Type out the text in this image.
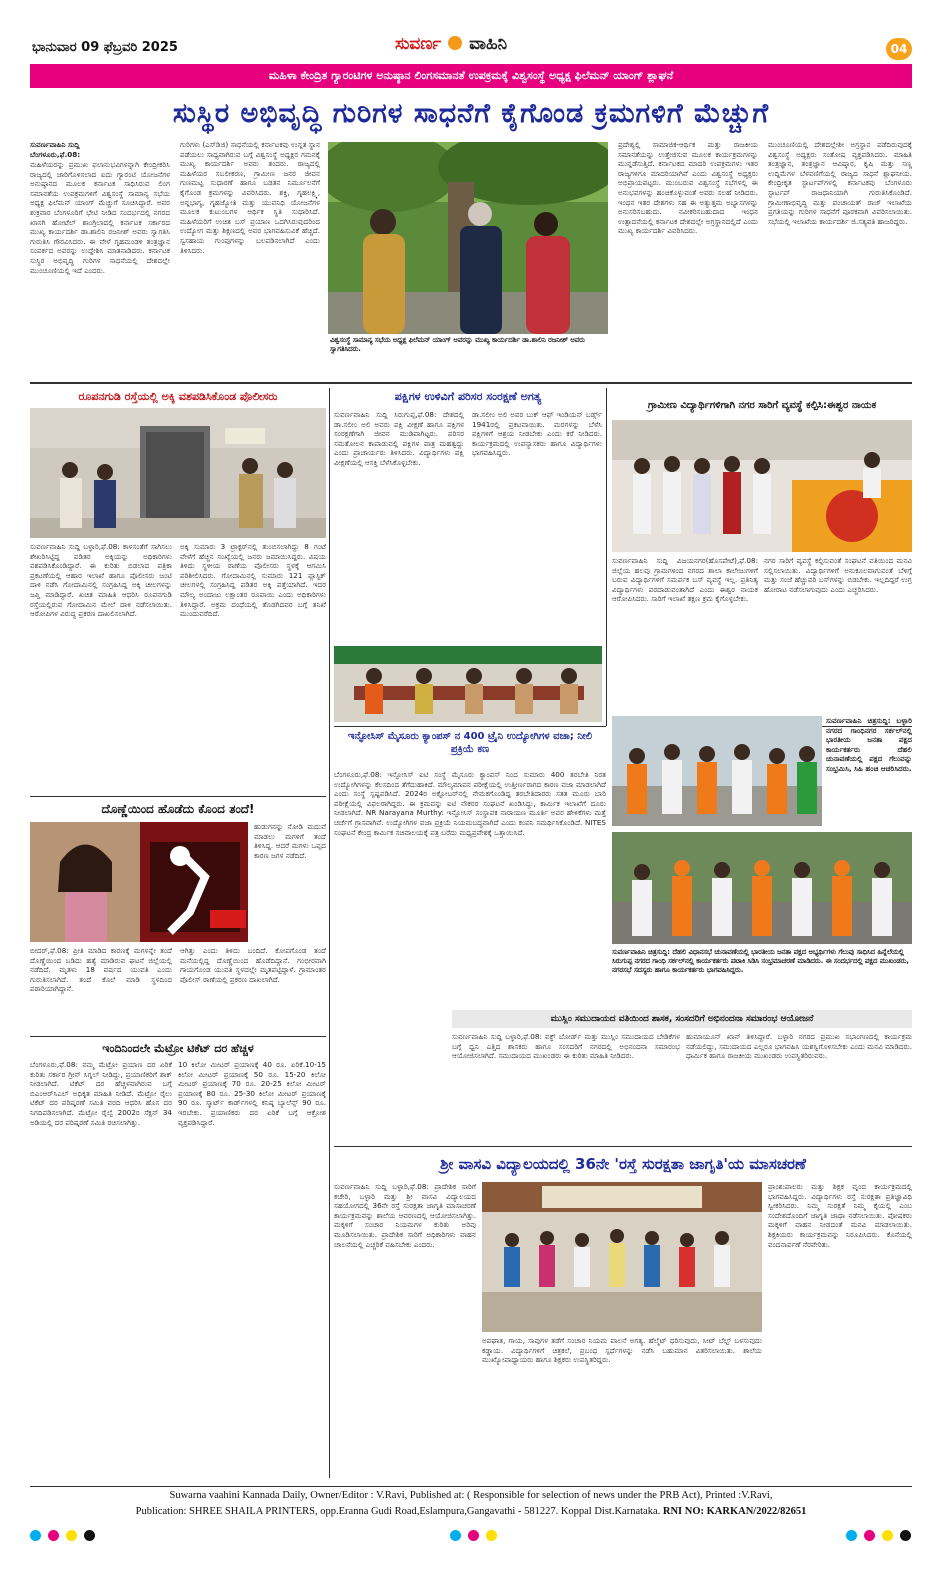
ಭಾನುವಾರ 09 ಫೆಬ್ರವರಿ 2025	ಸುವರ್ಣ ವಾಹಿನಿ	04
ಮಹಿಳಾ ಕೇಂದ್ರಿತ ಗ್ಯಾರಂಟಿಗಳ ಅನುಷ್ಠಾನ ಲಿಂಗಸಮಾನತೆ ಉಪಕ್ರಮಕ್ಕೆ ವಿಶ್ವಸಂಸ್ಥೆ ಅಧ್ಯಕ್ಷ ಫಿಲೆಮನ್ ಯಾಂಗ್ ಶ್ಲಾಘನೆ
ಸುಸ್ಥಿರ ಅಭಿವೃದ್ಧಿ ಗುರಿಗಳ ಸಾಧನೆಗೆ ಕೈಗೊಂಡ ಕ್ರಮಗಳಿಗೆ ಮೆಚ್ಚುಗೆ
ಸುವರ್ಣವಾಹಿನಿ ಸುದ್ದಿ
ಬೆಂಗಳೂರು,ಫೆ.08:
ಮಹಿಳೆಯರನ್ನು ಪ್ರಮುಖ ಫಲಾನುಭವಿಗಳನ್ನಾಗಿ ಕೇಂದ್ರೀಕರಿಸಿ ರಾಜ್ಯದಲ್ಲಿ ಜಾರಿಗೊಳಿಸಲಾದ ಐದು ಗ್ಯಾರಂಟಿ ಯೋಜನೆಗಳ ಅನುಷ್ಠಾನದ ಮೂಲಕ ಕರ್ನಾಟಕ ಸಾಧಿಸಿರುವ ಲಿಂಗ ಸಮಾನತೆಯ ಉಪಕ್ರಮಗಳಿಗೆ ವಿಶ್ವಸಂಸ್ಥೆ ಸಾಮಾನ್ಯ ಸಭೆಯ ಅಧ್ಯಕ್ಷ ಫಿಲೆಮನ್ ಯಾಂಗ್ ಮೆಚ್ಚುಗೆ ಸೂಚಿಸಿದ್ದಾರೆ. ಅವರ ಶುಕ್ರವಾರ ಬೆಂಗಳೂರಿಗೆ ಭೇಟಿ ನೀಡಿದ ಸಂದರ್ಭದಲ್ಲಿ ನಗರದ ಖಾಸಗಿ ಹೋಟೆಲ್ ಶಾಂಗ್ರಿಲಾದಲ್ಲಿ ಕರ್ನಾಟಕ ಸರ್ಕಾರದ ಮುಖ್ಯ ಕಾರ್ಯದರ್ಶಿ ಡಾ.ಶಾಲಿನಿ ರಜನೀಶ್ ಅವರು ಸ್ವಾಗತಿಸಿ ಗುರುತಿಸಿ ಗೌರವಿಸಿದರು. ಈ ವೇಳೆ ಗೃಹಮಂಡಳಿ ತಂತ್ರಜ್ಞಾನ ಸಂಪರ್ಕದ ಅವರನ್ನು ಉದ್ದೇಶಿಸಿ ಮಾತನಾಡಿದರು. ಕರ್ನಾಟಕ ಸುಸ್ಥಿರ ಅಭಿವೃದ್ಧಿ ಗುರಿಗಳ ಸಾಧನೆಯಲ್ಲಿ ದೇಶದಲ್ಲೇ ಮುಂಚೂಣಿಯಲ್ಲಿ ಇದೆ ಎಂದರು.
ಗುರಿಗಳು (ಎಸ್‌ಡಿಜಿ) ಸಾಧನೆಯಲ್ಲಿ ಕರ್ನಾಟಕವು ಉನ್ನತ ಸ್ಥಾನ ಪಡೆಯಲು ಸಾಧ್ಯವಾಗಿರುವ ಬಗ್ಗೆ ವಿಶ್ವಸಂಸ್ಥೆ ಅಧ್ಯಕ್ಷರ ಗಮನಕ್ಕೆ ಮುಖ್ಯ ಕಾರ್ಯದರ್ಶಿ ಅವರು ತಂದರು. ರಾಜ್ಯದಲ್ಲಿ ಮಹಿಳೆಯರ ಸಬಲೀಕರಣ, ಗ್ರಾಮೀಣ ಜನರ ಜೀವನ ಗುಣಮಟ್ಟ ಸುಧಾರಣೆ ಹಾಗೂ ಬಡತನ ನಿರ್ಮೂಲನೆಗೆ ಕೈಗೊಂಡ ಕ್ರಮಗಳನ್ನು ವಿವರಿಸಿದರು. ಶಕ್ತಿ, ಗೃಹಲಕ್ಷ್ಮಿ, ಅನ್ನಭಾಗ್ಯ, ಗೃಹಜ್ಯೋತಿ ಮತ್ತು ಯುವನಿಧಿ ಯೋಜನೆಗಳ ಮೂಲಕ ಕುಟುಂಬಗಳ ಆರ್ಥಿಕ ಸ್ಥಿತಿ ಸುಧಾರಿಸಿದೆ. ಮಹಿಳೆಯರಿಗೆ ಉಚಿತ ಬಸ್ ಪ್ರಯಾಣ ಒದಗಿಸಿರುವುದರಿಂದ ಉದ್ಯೋಗ ಮತ್ತು ಶಿಕ್ಷಣದಲ್ಲಿ ಅವರ ಭಾಗವಹಿಸುವಿಕೆ ಹೆಚ್ಚಿದೆ. ಸ್ವಸಹಾಯ ಗುಂಪುಗಳನ್ನು ಬಲಪಡಿಸಲಾಗಿದೆ ಎಂದು ತಿಳಿಸಿದರು.
ವಿಶ್ವಸಂಸ್ಥೆ ಸಾಮಾನ್ಯ ಸಭೆಯ ಅಧ್ಯಕ್ಷ ಫಿಲೆಮನ್ ಯಾಂಗ್ ಅವರನ್ನು ಮುಖ್ಯ ಕಾರ್ಯದರ್ಶಿ ಡಾ.ಶಾಲಿನಿ ರಜನೀಶ್ ಅವರು ಸ್ವಾಗತಿಸಿದರು.
ಪ್ರದೇಶ್ಯಲ್ಲಿ ಸಾಮಾಜಿಕ-ಆರ್ಥಿಕ ಮತ್ತು ರಾಜಕೀಯ ಸಮಾನತೆಯನ್ನು ಉತ್ತೇಜಿಸುವ ಮೂಲಕ ಕಾರ್ಯಕ್ರಮಗಳನ್ನು ಮುನ್ನಡೆಸುತ್ತಿದೆ. ಕರ್ನಾಟಕದ ಮಾದರಿ ಉಪಕ್ರಮಗಳು ಇತರ ರಾಜ್ಯಗಳಿಗೂ ಮಾದರಿಯಾಗಿವೆ ಎಂದು ವಿಶ್ವಸಂಸ್ಥೆ ಅಧ್ಯಕ್ಷರು ಅಭಿಪ್ರಾಯಪಟ್ಟರು. ಮುಂಬರುವ ವಿಶ್ವಸಂಸ್ಥೆ ಸಭೆಗಳಲ್ಲಿ ಈ ಅನುಭವಗಳನ್ನು ಹಂಚಿಕೊಳ್ಳುವಂತೆ ಅವರು ಸಲಹೆ ನೀಡಿದರು. ಇಂಧನ ಇತರ ದೇಶಗಳು ಸಹ ಈ ಅತ್ಯುತ್ತಮ ಅಭ್ಯಾಸಗಳನ್ನು ಅನುಸರಿಸಬಹುದು. ನವೀಕರಿಸಬಹುದಾದ ಇಂಧನ ಉತ್ಪಾದನೆಯಲ್ಲಿ ಕರ್ನಾಟಕ ದೇಶದಲ್ಲೇ ಅಗ್ರಸ್ಥಾನದಲ್ಲಿದೆ ಎಂದು ಮುಖ್ಯ ಕಾರ್ಯದರ್ಶಿ ವಿವರಿಸಿದರು.
ಮುಂಚೂಣಿಯಲ್ಲಿ ದೇಶದಲ್ಲೇಶೀ ಅಗ್ರಸ್ಥಾನ ಪಡೆದಿರುವುದಕ್ಕೆ ವಿಶ್ವಸಂಸ್ಥೆ ಅಧ್ಯಕ್ಷರು ಸಂತೋಷ ವ್ಯಕ್ತಪಡಿಸಿದರು. ಮಾಹಿತಿ ತಂತ್ರಜ್ಞಾನ, ತಂತ್ರಜ್ಞಾನ ಆವಿಷ್ಕಾರ, ಕೃಷಿ ಮತ್ತು ಸಣ್ಣ ಉದ್ದಿಮೆಗಳ ಬೆಳವಣಿಗೆಯಲ್ಲಿ ರಾಜ್ಯದ ಸಾಧನೆ ಶ್ಲಾಘನೀಯ. ಕೇಂದ್ರೀಕೃತ ಸ್ಟಾರ್ಟಪ್‌ಗಳಲ್ಲಿ ಕರ್ನಾಟಕವು ಬೆಂಗಳೂರು ಸ್ಟಾರ್ಟಪ್ ರಾಜಧಾನಿಯಾಗಿ ಗುರುತಿಸಿಕೊಂಡಿದೆ. ಗ್ರಾಮೀಣಾಭಿವೃದ್ಧಿ ಮತ್ತು ಪಂಚಾಯತ್ ರಾಜ್ ಇಲಾಖೆಯ ಪ್ರಗತಿಯನ್ನು ಗುರಿಗಳ ಸಾಧನೆಗೆ ಪೂರಕವಾಗಿ ವಿವರಿಸಲಾಯಿತು. ಸಭೆಯಲ್ಲಿ ಇಲಾಖೆಯ ಕಾರ್ಯದರ್ಶಿ ಜಿ.ಸತ್ಯವತಿ ಹಾಜರಿದ್ದರು.
ರೂಪನಗುಡಿ ರಸ್ತೆಯಲ್ಲಿ ಅಕ್ಕಿ ವಶಪಡಿಸಿಕೊಂಡ ಪೊಲೀಸರು
ಸುವರ್ಣವಾಹಿನಿ ಸುದ್ದಿ ಬಳ್ಳಾರಿ,ಫೆ.08: ಕಾಳಸಂತೆಗೆ ಸಾಗಿಸಲು ಶೇಖರಿಸಿಟ್ಟಿದ್ದ ಪಡಿತರ ಅಕ್ಕಿಯನ್ನು ಅಧಿಕಾರಿಗಳು ವಶಪಡಿಸಿಕೊಂಡಿದ್ದಾರೆ. ಈ ಕುರಿತು ಬಿಡಲಾದ ಪತ್ರಿಕಾ ಪ್ರಕಟಣೆಯಲ್ಲಿ ಆಹಾರ ಇಲಾಖೆ ಹಾಗೂ ಪೊಲೀಸರು ಜಂಟಿ ದಾಳಿ ನಡೆಸಿ ಗೋದಾಮಿನಲ್ಲಿ ಸಂಗ್ರಹಿಸಿದ್ದ ಅಕ್ಕಿ ಚೀಲಗಳನ್ನು ಜಪ್ತಿ ಮಾಡಿದ್ದಾರೆ. ಖಚಿತ ಮಾಹಿತಿ ಆಧರಿಸಿ ರೂಪನಗುಡಿ ರಸ್ತೆಯಲ್ಲಿರುವ ಗೋದಾಮಿನ ಮೇಲೆ ದಾಳಿ ನಡೆಸಲಾಯಿತು. ಆರೋಪಿಗಳ ವಿರುದ್ಧ ಪ್ರಕರಣ ದಾಖಲಿಸಲಾಗಿದೆ.
ಅಕ್ಕಿ ಸುಮಾರು 3 ಟ್ರಾಕ್ಟರ್‌ನಲ್ಲಿ ತುಂಬಿಸಲಾಗಿದ್ದು 8 ಗಂಟೆ ವೇಳೆಗೆ ಹೆಚ್ಚಿನ ಸಂಖ್ಯೆಯಲ್ಲಿ ಜನರು ಜಮಾಯಿಸಿದ್ದರು. ವಿಷಯ ತಿಳಿದು ಸ್ಥಳೀಯ ಠಾಣೆಯ ಪೊಲೀಸರು ಸ್ಥಳಕ್ಕೆ ಆಗಮಿಸಿ ಪರಿಶೀಲಿಸಿದರು. ಗೋದಾಮಿನಲ್ಲಿ ಸುಮಾರು 121 ಪ್ಲಾಸ್ಟಿಕ್ ಚೀಲಗಳಲ್ಲಿ ಸಂಗ್ರಹಿಸಿದ್ದ ಪಡಿತರ ಅಕ್ಕಿ ಪತ್ತೆಯಾಗಿದೆ. ಇದರ ಮೌಲ್ಯ ಅಂದಾಜು ಲಕ್ಷಾಂತರ ರೂಪಾಯಿ ಎಂದು ಅಧಿಕಾರಿಗಳು ತಿಳಿಸಿದ್ದಾರೆ. ಅಕ್ರಮ ದಂಧೆಯಲ್ಲಿ ತೊಡಗಿದವರ ಬಗ್ಗೆ ತನಿಖೆ ಮುಂದುವರೆದಿದೆ.
ದೊಣ್ಣೆಯಿಂದ ಹೊಡೆದು ಕೊಂದ ತಂದೆ!
ಹುಡುಗನನ್ನು ನೋಡಿ ಮದುವೆ ಮಾಡಲು ಮಗಳಿಗೆ ತಂದೆ ತಿಳಿಸಿದ್ದ. ಆದರೆ ಮಗಳು ಒಪ್ಪದ ಕಾರಣ ಜಗಳ ನಡೆದಿದೆ.
ಬೀದರ್,ಫೆ.08: ಪ್ರೀತಿ ಮಾಡಿದ ಕಾರಣಕ್ಕೆ ಮಗಳನ್ನೇ ತಂದೆ ದೊಣ್ಣೆಯಿಂದ ಬಡಿದು ಹತ್ಯೆ ಮಾಡಿರುವ ಘಟನೆ ಜಿಲ್ಲೆಯಲ್ಲಿ ನಡೆದಿದೆ. ಮೃತಳು 18 ವರ್ಷದ ಯುವತಿ ಎಂದು ಗುರುತಿಸಲಾಗಿದೆ. ತಂದೆ ಕೊಲೆ ಮಾಡಿ ಸ್ಥಳದಿಂದ ಪರಾರಿಯಾಗಿದ್ದಾನೆ.
ಆಗಿತ್ತು ಎಂದು ತಿಳಿದು ಬಂದಿದೆ. ಕೋಪಗೊಂಡ ತಂದೆ ಮನೆಯಲ್ಲಿದ್ದ ದೊಣ್ಣೆಯಿಂದ ಹೊಡೆದಿದ್ದಾನೆ. ಗಂಭೀರವಾಗಿ ಗಾಯಗೊಂಡ ಯುವತಿ ಸ್ಥಳದಲ್ಲೇ ಮೃತಪಟ್ಟಿದ್ದಾಳೆ. ಗ್ರಾಮಾಂತರ ಪೊಲೀಸ್ ಠಾಣೆಯಲ್ಲಿ ಪ್ರಕರಣ ದಾಖಲಾಗಿದೆ.
ಇಂದಿನಿಂದಲೇ ಮೆಟ್ರೋ ಟಿಕೆಟ್ ದರ ಹೆಚ್ಚಳ
ಬೆಂಗಳೂರು,ಫೆ.08: ನಮ್ಮ ಮೆಟ್ರೋ ಪ್ರಯಾಣ ದರ ಏರಿಕೆ ಕುರಿತು ಸರ್ಕಾರ ಗ್ರೀನ್ ಸಿಗ್ನಲ್ ನೀಡಿದ್ದು, ಪ್ರಯಾಣಿಕರಿಗೆ ಶಾಕ್ ನೀಡಲಾಗಿದೆ. ಟಿಕೆಟ್ ದರ ಹೆಚ್ಚಳವಾಗಿರುವ ಬಗ್ಗೆ ಬಿಎಂಆರ್‌ಸಿಎಲ್ ಅಧಿಕೃತ ಮಾಹಿತಿ ನೀಡಿದೆ. ಮೆಟ್ರೋ ರೈಲು ಟಿಕೆಟ್ ದರ ಪರಿಷ್ಕರಣೆ ಸಮಿತಿ ವರದಿ ಆಧರಿಸಿ ಹೊಸ ದರ ನಿಗದಿಪಡಿಸಲಾಗಿದೆ. ಮೆಟ್ರೋ ರೈಲ್ವೆ 2002ರ ಸೆಕ್ಷನ್ 34 ಅಡಿಯಲ್ಲಿ ದರ ಪರಿಷ್ಕರಣೆ ಸಮಿತಿ ರಚಿಸಲಾಗಿತ್ತು.
10 ಕಿಲೋ ಮೀಟರ್ ಪ್ರಯಾಣಕ್ಕೆ 40 ರೂ. ಏರಿಕೆ.10-15 ಕಿಲೋ ಮೀಟರ್ ಪ್ರಯಾಣಕ್ಕೆ 50 ರೂ. 15-20 ಕಿಲೋ ಮೀಟರ್ ಪ್ರಯಾಣಕ್ಕೆ 70 ರೂ. 20-25 ಕಿಲೋ ಮೀಟರ್ ಪ್ರಯಾಣಕ್ಕೆ 80 ರೂ. 25-30 ಕಿಲೋ ಮೀಟರ್ ಪ್ರಯಾಣಕ್ಕೆ 90 ರೂ. ಸ್ಮಾರ್ಟ್ ಕಾರ್ಡ್‌ಗಳಲ್ಲಿ ಕನಿಷ್ಠ ಬ್ಯಾಲೆನ್ಸ್ 90 ರೂ. ಇರಬೇಕು. ಪ್ರಯಾಣಿಕರು ದರ ಏರಿಕೆ ಬಗ್ಗೆ ಆಕ್ರೋಶ ವ್ಯಕ್ತಪಡಿಸಿದ್ದಾರೆ.
ಪಕ್ಷಿಗಳ ಉಳಿವಿಗೆ ಪರಿಸರ ಸಂರಕ್ಷಣೆ ಅಗತ್ಯ
ಸುವರ್ಣವಾಹಿನಿ ಸುದ್ದಿ ಸಿರುಗುಪ್ಪ,ಫೆ.08: ದೇಶದಲ್ಲಿ ಡಾ.ಸಲೀಂ ಅಲಿ ಅವರು ಪಕ್ಷಿ ವೀಕ್ಷಣೆ ಹಾಗೂ ಪಕ್ಷಿಗಳ ಸಂರಕ್ಷಣೆಗಾಗಿ ಜೀವನ ಮುಡಿಪಾಗಿಟ್ಟರು. ಪರಿಸರ ಸಮತೋಲನ ಕಾಪಾಡುವಲ್ಲಿ ಪಕ್ಷಿಗಳ ಪಾತ್ರ ಮಹತ್ವದ್ದು ಎಂದು ಪ್ರಾಚಾರ್ಯರು ತಿಳಿಸಿದರು. ವಿದ್ಯಾರ್ಥಿಗಳು ಪಕ್ಷಿ ವೀಕ್ಷಣೆಯಲ್ಲಿ ಆಸಕ್ತಿ ಬೆಳೆಸಿಕೊಳ್ಳಬೇಕು.
ಡಾ.ಸಲೀಂ ಅಲಿ ಅವರ ಬುಕ್ ಆಫ್ ಇಂಡಿಯನ್ ಬರ್ಡ್ಸ್ 1941ರಲ್ಲಿ ಪ್ರಕಟವಾಯಿತು. ಮರಗಳನ್ನು ಬೆಳೆಸಿ ಪಕ್ಷಿಗಳಿಗೆ ಆಶ್ರಯ ನೀಡಬೇಕು ಎಂದು ಕರೆ ನೀಡಿದರು. ಕಾರ್ಯಕ್ರಮದಲ್ಲಿ ಉಪನ್ಯಾಸಕರು ಹಾಗೂ ವಿದ್ಯಾರ್ಥಿಗಳು ಭಾಗವಹಿಸಿದ್ದರು.
ಇನ್ಫೋಸಿಸ್ ಮೈಸೂರು ಕ್ಯಾಂಪಸ್ ನ 400 ಟ್ರೈನಿ ಉದ್ಯೋಗಿಗಳ ವಜಾ; ನೀಲಿ ಪ್ರಕ್ರಿಯೆ ಕಣ
ಬೆಂಗಳೂರು,ಫೆ.08: ಇನ್ಫೋಸಿಸ್ ಐಟಿ ಸಂಸ್ಥೆ ಮೈಸೂರು ಕ್ಯಾಂಪಸ್ ನಿಂದ ಸುಮಾರು 400 ತರಬೇತಿ ನಿರತ ಉದ್ಯೋಗಿಗಳನ್ನು ಕೆಲಸದಿಂದ ತೆಗೆದುಹಾಕಿದೆ. ಮೌಲ್ಯಮಾಪನ ಪರೀಕ್ಷೆಯಲ್ಲಿ ಉತ್ತೀರ್ಣರಾಗದ ಕಾರಣ ವಜಾ ಮಾಡಲಾಗಿದೆ ಎಂದು ಸಂಸ್ಥೆ ಸ್ಪಷ್ಟಪಡಿಸಿದೆ. 2024ರ ಅಕ್ಟೋಬರ್‌ನಲ್ಲಿ ನೇಮಕಗೊಂಡಿದ್ದ ತರಬೇತಿದಾರರು ಸತತ ಮೂರು ಬಾರಿ ಪರೀಕ್ಷೆಯಲ್ಲಿ ವಿಫಲರಾಗಿದ್ದರು. ಈ ಕ್ರಮವನ್ನು ಐಟಿ ನೌಕರರ ಸಂಘಟನೆ ಖಂಡಿಸಿದ್ದು, ಕಾರ್ಮಿಕ ಇಲಾಖೆಗೆ ದೂರು ನೀಡಲಾಗಿದೆ. NR Narayana Murthy: ಇನ್ಫೋಸಿಸ್ ಸಂಸ್ಥಾಪಕ ನಾರಾಯಣ ಮೂರ್ತಿ ಅವರ ಹೇಳಿಕೆಗಳು ಮತ್ತೆ ಚರ್ಚೆಗೆ ಗ್ರಾಸವಾಗಿವೆ. ಉದ್ಯೋಗಿಗಳ ವಜಾ ಪ್ರಕ್ರಿಯೆ ನಿಯಮಬದ್ಧವಾಗಿದೆ ಎಂದು ಕಂಪನಿ ಸಮರ್ಥಿಸಿಕೊಂಡಿದೆ. NITES ಸಂಘಟನೆ ಕೇಂದ್ರ ಕಾರ್ಮಿಕ ಸಚಿವಾಲಯಕ್ಕೆ ಪತ್ರ ಬರೆದು ಮಧ್ಯಪ್ರವೇಶಕ್ಕೆ ಒತ್ತಾಯಿಸಿದೆ.
ಗ್ರಾಮೀಣ ವಿದ್ಯಾರ್ಥಿಗಳಿಗಾಗಿ ನಗರ ಸಾರಿಗೆ ವ್ಯವಸ್ಥೆ ಕಲ್ಪಿಸಿ:ಈಶ್ವರ ನಾಯಕ
ಸುವರ್ಣವಾಹಿನಿ ಸುದ್ದಿ ವಿಜಯನಗರ(ಹೊಸಪೇಟೆ),ಫೆ.08: ಜಿಲ್ಲೆಯ ಹಲವು ಗ್ರಾಮಗಳಿಂದ ನಗರದ ಶಾಲಾ ಕಾಲೇಜುಗಳಿಗೆ ಬರುವ ವಿದ್ಯಾರ್ಥಿಗಳಿಗೆ ಸಮರ್ಪಕ ಬಸ್ ವ್ಯವಸ್ಥೆ ಇಲ್ಲ. ಪ್ರತಿನಿತ್ಯ ವಿದ್ಯಾರ್ಥಿಗಳು ಪರದಾಡುವಂತಾಗಿದೆ ಎಂದು ಈಶ್ವರ ನಾಯಕ ಆರೋಪಿಸಿದರು. ಸಾರಿಗೆ ಇಲಾಖೆ ತಕ್ಷಣ ಕ್ರಮ ಕೈಗೊಳ್ಳಬೇಕು.
ನಗರ ಸಾರಿಗೆ ವ್ಯವಸ್ಥೆ ಕಲ್ಪಿಸುವಂತೆ ಸಂಘಟನೆ ವತಿಯಿಂದ ಮನವಿ ಸಲ್ಲಿಸಲಾಯಿತು. ವಿದ್ಯಾರ್ಥಿಗಳಿಗೆ ಅನುಕೂಲವಾಗುವಂತೆ ಬೆಳಿಗ್ಗೆ ಮತ್ತು ಸಂಜೆ ಹೆಚ್ಚುವರಿ ಬಸ್‌ಗಳನ್ನು ಬಿಡಬೇಕು. ಇಲ್ಲದಿದ್ದರೆ ಉಗ್ರ ಹೋರಾಟ ನಡೆಸಲಾಗುವುದು ಎಂದು ಎಚ್ಚರಿಸಿದರು.
ಸುವರ್ಣವಾಹಿನಿ ಚಿತ್ರಸುದ್ದಿ: ಬಳ್ಳಾರಿ ನಗರದ ಗಾಂಧಿನಗರ ಸರ್ಕಲ್‌ನಲ್ಲಿ ಭಾರತೀಯ ಜನತಾ ಪಕ್ಷದ ಕಾರ್ಯಕರ್ತರು ದೆಹಲಿ ಚುನಾವಣೆಯಲ್ಲಿ ಪಕ್ಷದ ಗೆಲುವನ್ನು ಸಂಭ್ರಮಿಸಿ, ಸಿಹಿ ಹಂಚಿ ಆಚರಿಸಿದರು.
ಸುವರ್ಣವಾಹಿನಿ ಚಿತ್ರಸುದ್ದಿ: ದೆಹಲಿ ವಿಧಾನಸಭೆ ಚುನಾವಣೆಯಲ್ಲಿ ಭಾರತೀಯ ಜನತಾ ಪಕ್ಷದ ಅಭ್ಯರ್ಥಿಗಳು ಗೆಲುವು ಸಾಧಿಸಿದ ಹಿನ್ನೆಲೆಯಲ್ಲಿ ಸಿರುಗುಪ್ಪ ನಗರದ ಗಾಂಧಿ ಸರ್ಕಲ್‌ನಲ್ಲಿ ಕಾರ್ಯಕರ್ತರು ಪಟಾಕಿ ಸಿಡಿಸಿ ಸಂಭ್ರಮಾಚರಣೆ ಮಾಡಿದರು. ಈ ಸಂದರ್ಭದಲ್ಲಿ ಪಕ್ಷದ ಮುಖಂಡರು, ನಗರಸಭೆ ಸದಸ್ಯರು ಹಾಗೂ ಕಾರ್ಯಕರ್ತರು ಭಾಗವಹಿಸಿದ್ದರು.
ಮುಸ್ಲಿಂ ಸಮುದಾಯದ ವತಿಯಿಂದ ಶಾಸಕ, ಸಂಸದರಿಗೆ ಅಭಿನಂದನಾ ಸಮಾರಂಭ ಆಯೋಜನೆ
ಸುವರ್ಣವಾಹಿನಿ ಸುದ್ದಿ ಬಳ್ಳಾರಿ,ಫೆ.08: ವಕ್ಫ್ ಬೋರ್ಡ್ ಮತ್ತು ಮುಸ್ಲಿಂ ಸಮುದಾಯದ ಬೇಡಿಕೆಗಳ ಬಗ್ಗೆ ಧ್ವನಿ ಎತ್ತಿದ ಶಾಸಕರು ಹಾಗೂ ಸಂಸದರಿಗೆ ನಗರದಲ್ಲಿ ಅಭಿನಂದನಾ ಸಮಾರಂಭ ಆಯೋಜಿಸಲಾಗಿದೆ. ಸಮುದಾಯದ ಮುಖಂಡರು ಈ ಕುರಿತು ಮಾಹಿತಿ ನೀಡಿದರು.
ಹುಮಾಯೂನ್ ಖಾನ್ ತಿಳಿಸಿದ್ದಾರೆ. ಬಳ್ಳಾರಿ ನಗರದ ಪ್ರಮುಖ ಸಭಾಂಗಣದಲ್ಲಿ ಕಾರ್ಯಕ್ರಮ ನಡೆಯಲಿದ್ದು, ಸಮುದಾಯದ ಎಲ್ಲರೂ ಭಾಗವಹಿಸಿ ಯಶಸ್ವಿಗೊಳಿಸಬೇಕು ಎಂದು ಮನವಿ ಮಾಡಿದರು. ಧಾರ್ಮಿಕ ಹಾಗೂ ರಾಜಕೀಯ ಮುಖಂಡರು ಉಪಸ್ಥಿತರಿರುವರು.
ಶ್ರೀ ವಾಸವಿ ವಿದ್ಯಾಲಯದಲ್ಲಿ 36ನೇ 'ರಸ್ತೆ ಸುರಕ್ಷತಾ ಜಾಗೃತಿ'ಯ ಮಾಸಚರಣೆ
ಸುವರ್ಣವಾಹಿನಿ ಸುದ್ದಿ ಬಳ್ಳಾರಿ,ಫೆ.08: ಪ್ರಾದೇಶಿಕ ಸಾರಿಗೆ ಕಚೇರಿ, ಬಳ್ಳಾರಿ ಮತ್ತು ಶ್ರೀ ವಾಸವಿ ವಿದ್ಯಾಲಯದ ಸಹಯೋಗದಲ್ಲಿ 36ನೇ ರಸ್ತೆ ಸುರಕ್ಷತಾ ಜಾಗೃತಿ ಮಾಸಾಚರಣೆ ಕಾರ್ಯಕ್ರಮವನ್ನು ಶಾಲೆಯ ಆವರಣದಲ್ಲಿ ಆಯೋಜಿಸಲಾಗಿತ್ತು. ಮಕ್ಕಳಿಗೆ ಸಂಚಾರ ನಿಯಮಗಳ ಕುರಿತು ಅರಿವು ಮೂಡಿಸಲಾಯಿತು. ಪ್ರಾದೇಶಿಕ ಸಾರಿಗೆ ಅಧಿಕಾರಿಗಳು ವಾಹನ ಚಾಲನೆಯಲ್ಲಿ ಎಚ್ಚರಿಕೆ ವಹಿಸಬೇಕು ಎಂದರು.
ಅಪಘಾತ, ಗಾಯ, ಸಾವುಗಳ ತಡೆಗೆ ಸಂಚಾರ ನಿಯಮ ಪಾಲನೆ ಅಗತ್ಯ. ಹೆಲ್ಮೆಟ್ ಧರಿಸುವುದು, ಸೀಟ್ ಬೆಲ್ಟ್ ಬಳಸುವುದು ಕಡ್ಡಾಯ. ವಿದ್ಯಾರ್ಥಿಗಳಿಗೆ ಚಿತ್ರಕಲೆ, ಪ್ರಬಂಧ ಸ್ಪರ್ಧೆಗಳನ್ನು ನಡೆಸಿ ಬಹುಮಾನ ವಿತರಿಸಲಾಯಿತು. ಶಾಲೆಯ ಮುಖ್ಯೋಪಾಧ್ಯಾಯರು ಹಾಗೂ ಶಿಕ್ಷಕರು ಉಪಸ್ಥಿತರಿದ್ದರು.
ಪ್ರಾಂಶುಪಾಲರು ಮತ್ತು ಶಿಕ್ಷಕ ವೃಂದ ಕಾರ್ಯಕ್ರಮದಲ್ಲಿ ಭಾಗವಹಿಸಿದ್ದರು. ವಿದ್ಯಾರ್ಥಿಗಳು ರಸ್ತೆ ಸುರಕ್ಷತಾ ಪ್ರತಿಜ್ಞಾವಿಧಿ ಸ್ವೀಕರಿಸಿದರು. ನಿಮ್ಮ ಸುರಕ್ಷತೆ ನಿಮ್ಮ ಕೈಯಲ್ಲಿ ಎಂಬ ಸಂದೇಶದೊಂದಿಗೆ ಜಾಗೃತಿ ಜಾಥಾ ನಡೆಸಲಾಯಿತು. ಪೋಷಕರು ಮಕ್ಕಳಿಗೆ ವಾಹನ ನೀಡದಂತೆ ಮನವಿ ಮಾಡಲಾಯಿತು. ಶಿಕ್ಷಕಿಯರು ಕಾರ್ಯಕ್ರಮವನ್ನು ನಿರೂಪಿಸಿದರು. ಕೊನೆಯಲ್ಲಿ ವಂದನಾರ್ಪಣೆ ನೆರವೇರಿತು.
Suwarna vaahini Kannada Daily, Owner/Editor : V.Ravi, Published at: ( Responsible for selection of news under the PRB Act), Printed :V.Ravi,
Publication: SHREE SHAILA PRINTERS, opp.Eranna Gudi Road,Eslampura,Gangavathi - 581227. Koppal Dist.Karnataka. RNI NO: KARKAN/2022/82651
